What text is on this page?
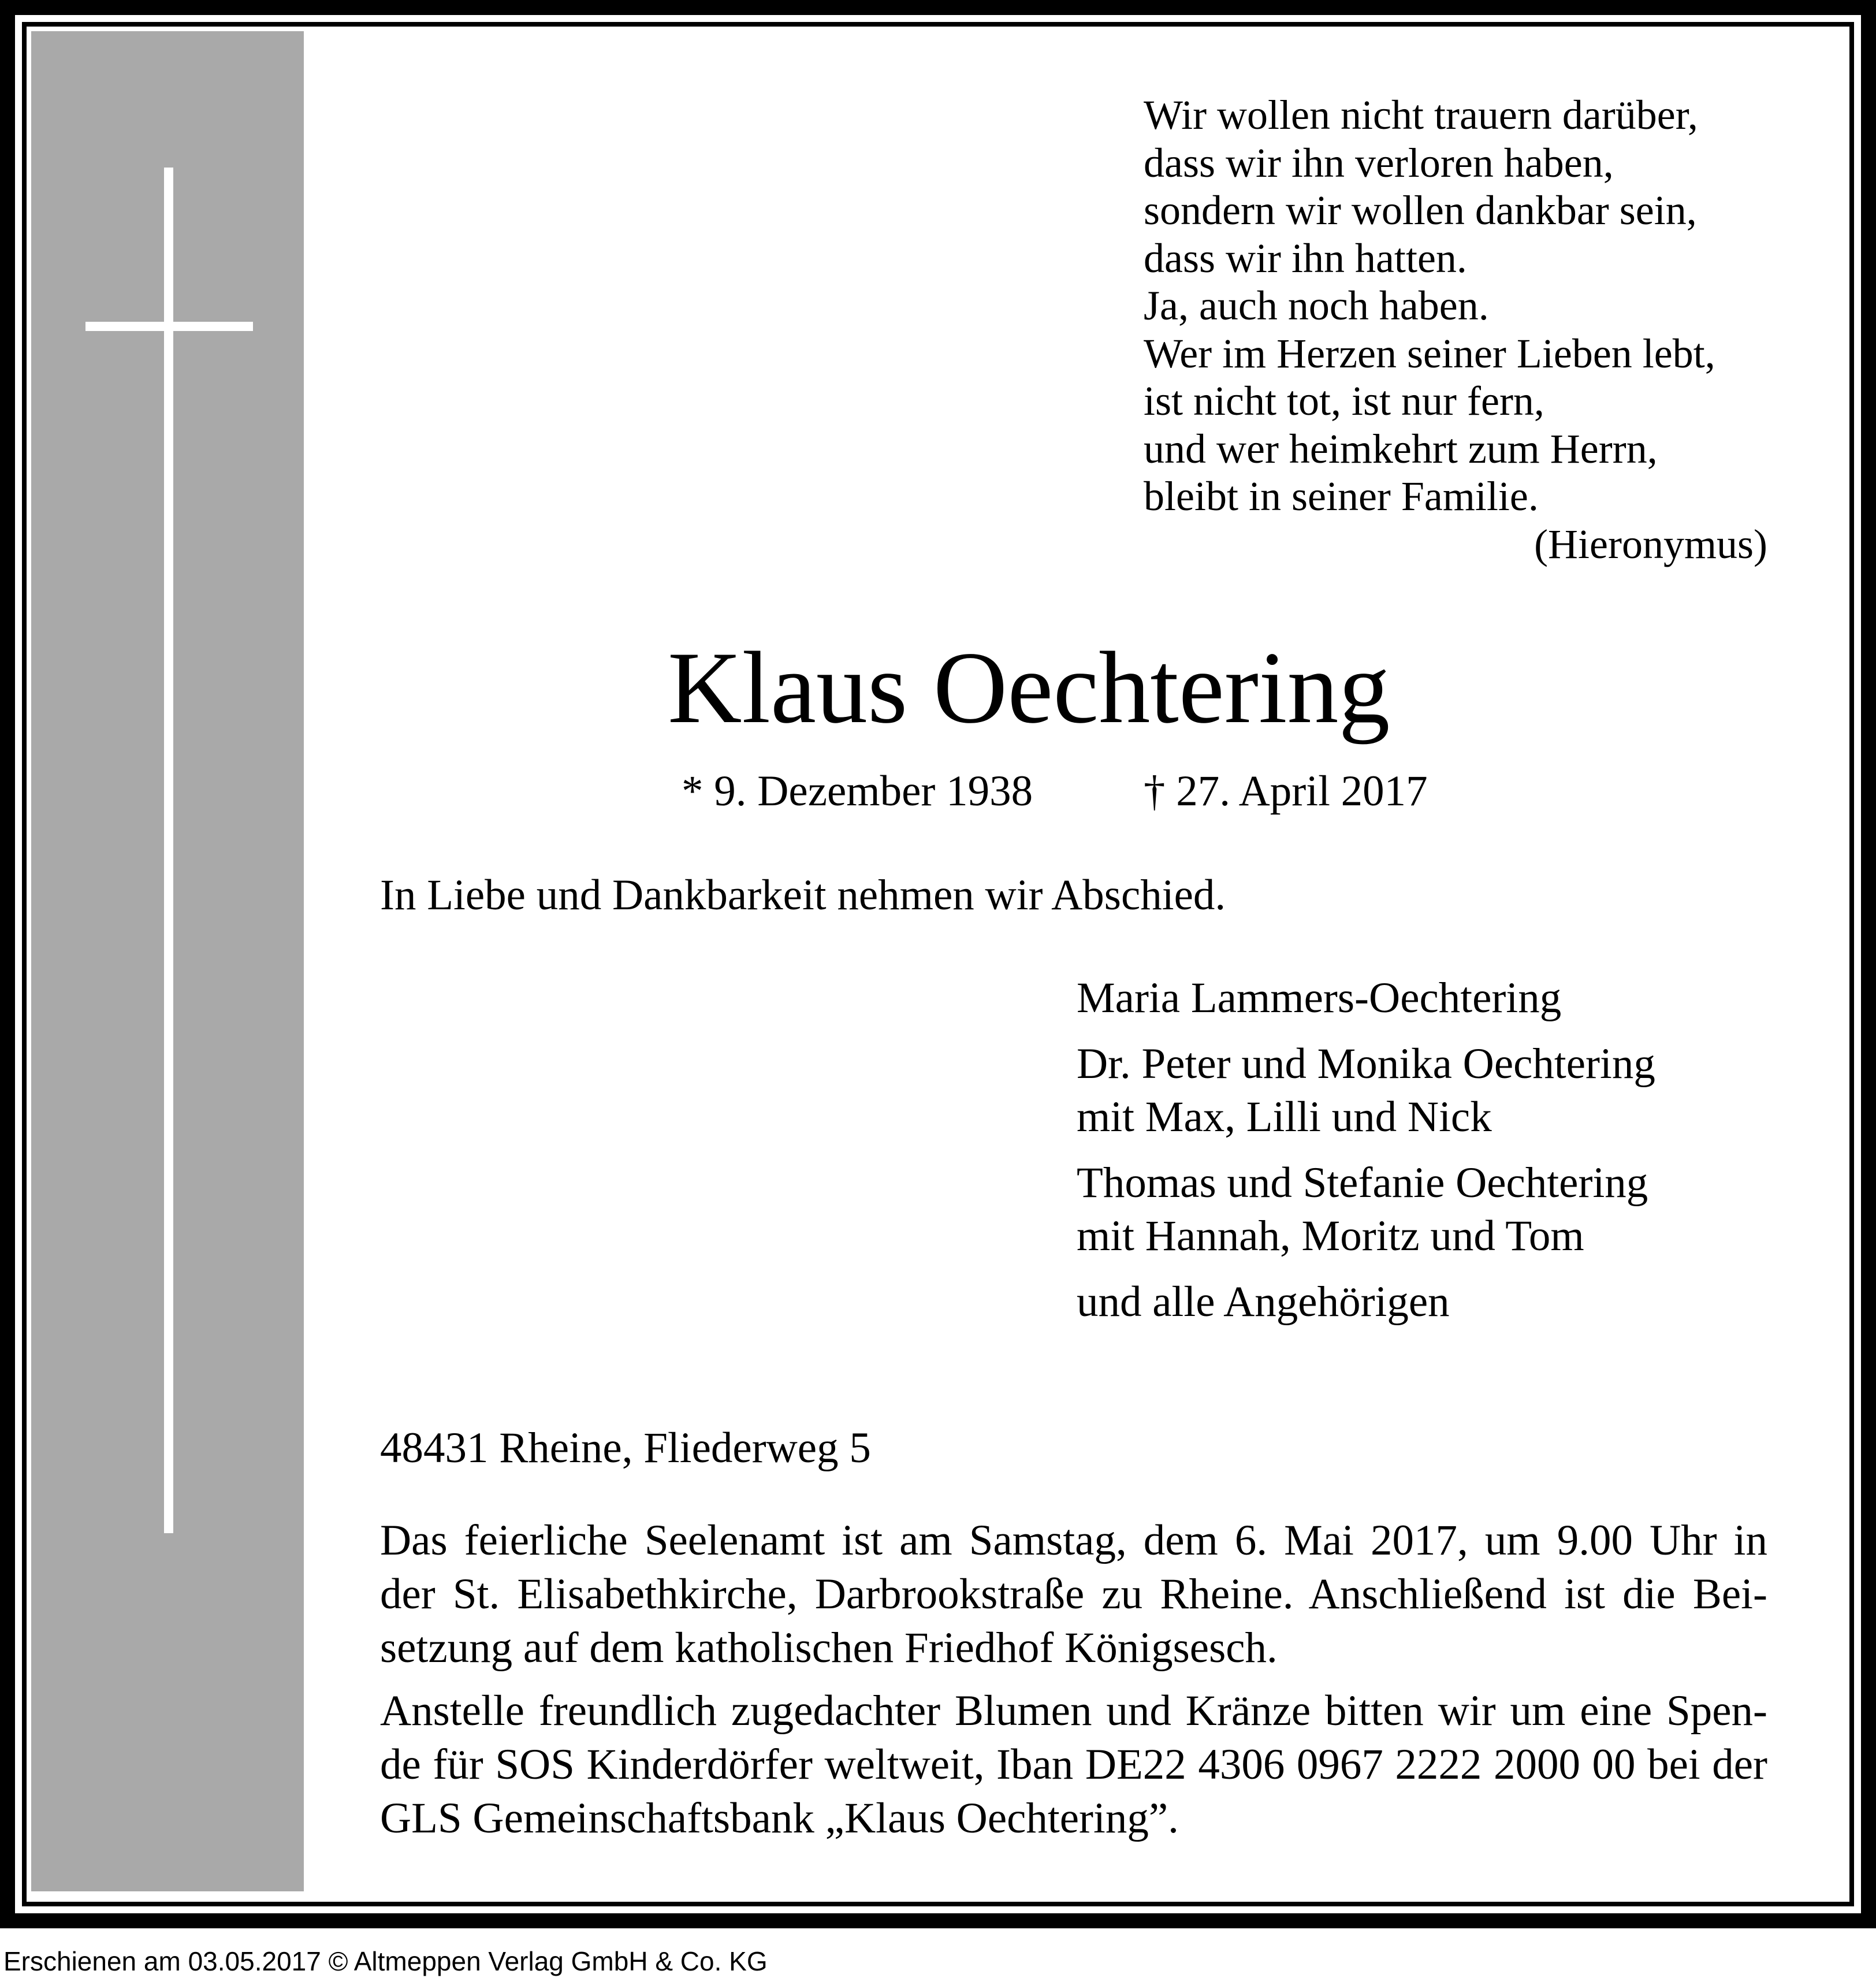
Wir wollen nicht trauern darüber,
dass wir ihn verloren haben,
sondern wir wollen dankbar sein,
dass wir ihn hatten.
Ja, auch noch haben.
Wer im Herzen seiner Lieben lebt,
ist nicht tot, ist nur fern,
und wer heimkehrt zum Herrn,
bleibt in seiner Familie.
(Hieronymus)
Klaus Oechtering
* 9. Dezember 1938	† 27. April 2017
In Liebe und Dankbarkeit nehmen wir Abschied.
Maria Lammers-Oechtering
Dr. Peter und Monika Oechtering
mit Max, Lilli und Nick
Thomas und Stefanie Oechtering
mit Hannah, Moritz und Tom
und alle Angehörigen
48431 Rheine, Fliederweg 5
Das feierliche Seelenamt ist am Samstag, dem 6. Mai 2017, um 9.00 Uhr in
der St. Elisabethkirche, Darbrookstraße zu Rheine. Anschließend ist die Bei-
setzung auf dem katholischen Friedhof Königsesch.
Anstelle freundlich zugedachter Blumen und Kränze bitten wir um eine Spen-
de für SOS Kinderdörfer weltweit, Iban DE22 4306 0967 2222 2000 00 bei der
GLS Gemeinschaftsbank „Klaus Oechtering”.
Erschienen am 03.05.2017 © Altmeppen Verlag GmbH & Co. KG
